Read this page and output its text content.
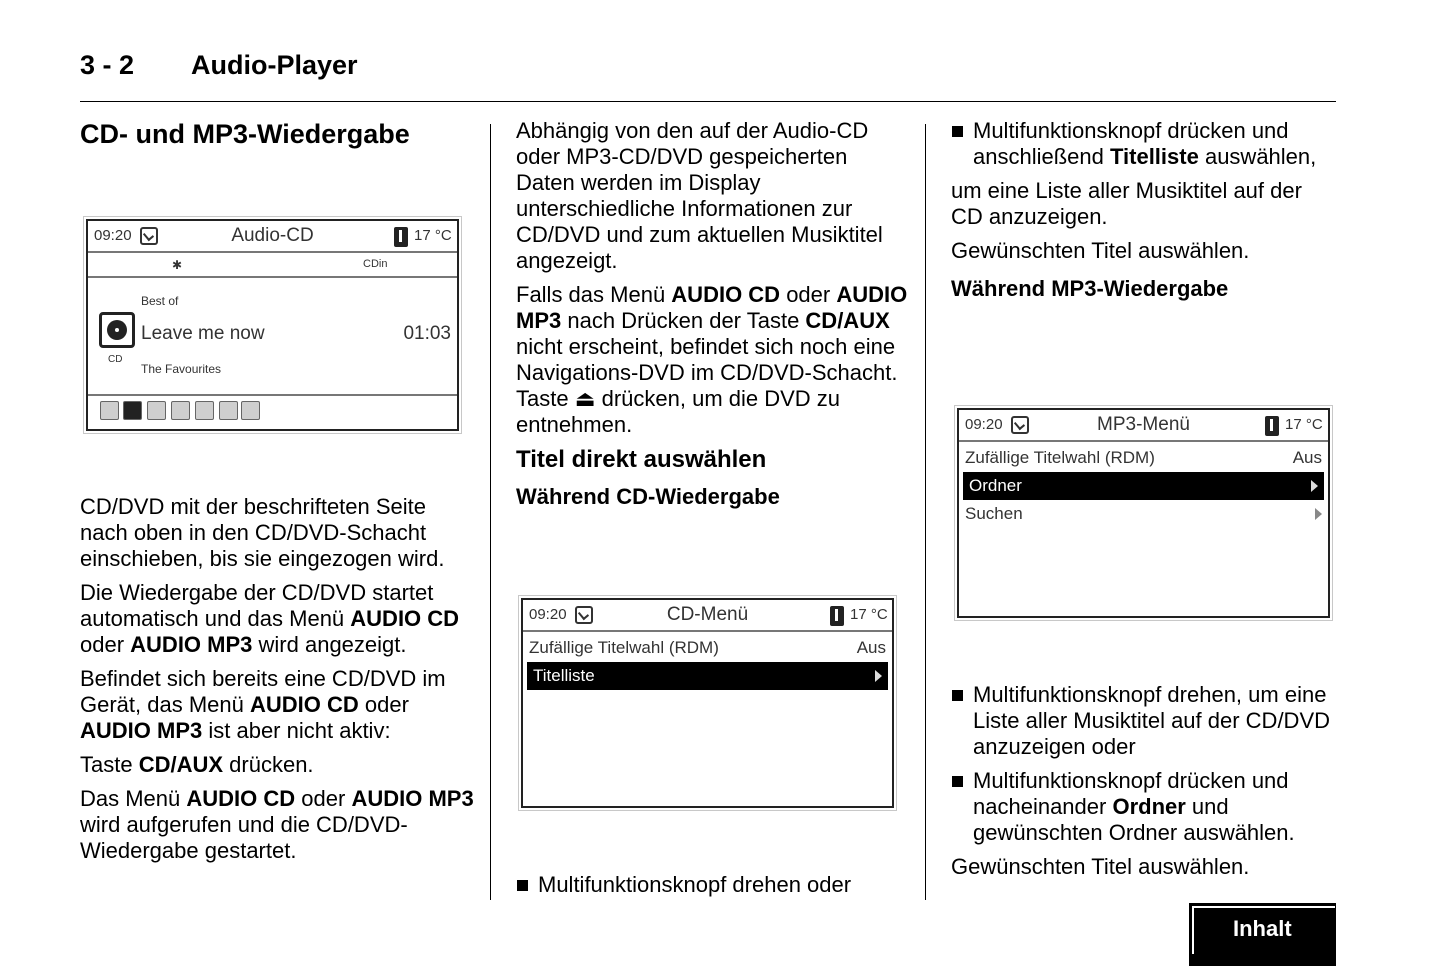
3 - 2 Audio-Player
CD- und MP3-Wiedergabe
09:20	Audio-CD	17 °C
✱	CDin
CD
Best of
Leave me now	01:03
The Favourites

CD/DVD mit der beschrifteten Seite nach oben in den CD/DVD-Schacht einschieben, bis sie eingezogen wird.

Die Wiedergabe der CD/DVD startet automatisch und das Menü AUDIO CD oder AUDIO MP3 wird angezeigt.

Befindet sich bereits eine CD/DVD im Gerät, das Menü AUDIO CD oder AUDIO MP3 ist aber nicht aktiv:

Taste CD/AUX drücken.

Das Menü AUDIO CD oder AUDIO MP3 wird aufgerufen und die CD/DVD-Wiedergabe gestartet.

Abhängig von den auf der Audio-CD oder MP3-CD/DVD gespeicherten Daten werden im Display unterschiedliche Informationen zur CD/DVD und zum aktuellen Musiktitel angezeigt.

Falls das Menü AUDIO CD oder AUDIO MP3 nach Drücken der Taste CD/AUX nicht erscheint, befindet sich noch eine Navigations-DVD im CD/DVD-Schacht. Taste ⏏ drücken, um die DVD zu entnehmen.

Titel direkt auswählen
Während CD-Wiedergabe
09:20	CD-Menü	17 °C
Zufällige Titelwahl (RDM)	Aus
Titelliste
Multifunktionsknopf drehen oder
Multifunktionsknopf drücken und anschließend Titelliste auswählen,

um eine Liste aller Musiktitel auf der CD anzuzeigen.

Gewünschten Titel auswählen.

Während MP3-Wiedergabe
09:20	MP3-Menü	17 °C
Zufällige Titelwahl (RDM)	Aus
Ordner
Suchen
Multifunktionsknopf drehen, um eine Liste aller Musiktitel auf der CD/DVD anzuzeigen oder
Multifunktionsknopf drücken und nacheinander Ordner und gewünschten Ordner auswählen.

Gewünschten Titel auswählen.

Inhalt
